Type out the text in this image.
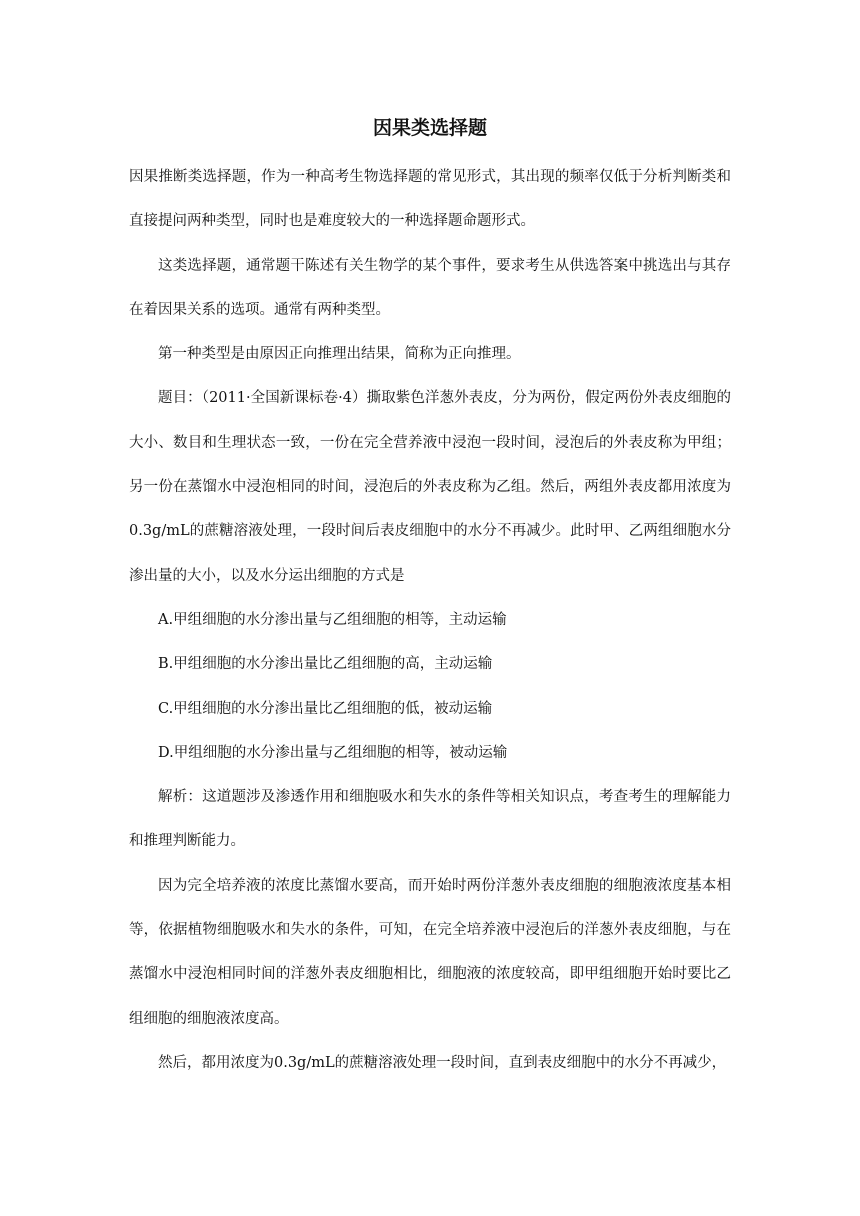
因果类选择题

因果推断类选择题，作为一种高考生物选择题的常见形式，其出现的频率仅低于分析判断类和直接提问两种类型，同时也是难度较大的一种选择题命题形式。

这类选择题，通常题干陈述有关生物学的某个事件，要求考生从供选答案中挑选出与其存在着因果关系的选项。通常有两种类型。

第一种类型是由原因正向推理出结果，简称为正向推理。

题目：（2011·全国新课标卷·4）撕取紫色洋葱外表皮，分为两份，假定两份外表皮细胞的大小、数目和生理状态一致，一份在完全营养液中浸泡一段时间，浸泡后的外表皮称为甲组；另一份在蒸馏水中浸泡相同的时间，浸泡后的外表皮称为乙组。然后，两组外表皮都用浓度为0.3g/mL的蔗糖溶液处理，一段时间后表皮细胞中的水分不再减少。此时甲、乙两组细胞水分渗出量的大小，以及水分运出细胞的方式是

A.甲组细胞的水分渗出量与乙组细胞的相等，主动运输

B.甲组细胞的水分渗出量比乙组细胞的高，主动运输

C.甲组细胞的水分渗出量比乙组细胞的低，被动运输

D.甲组细胞的水分渗出量与乙组细胞的相等，被动运输

解析：这道题涉及渗透作用和细胞吸水和失水的条件等相关知识点，考查考生的理解能力和推理判断能力。

因为完全培养液的浓度比蒸馏水要高，而开始时两份洋葱外表皮细胞的细胞液浓度基本相等，依据植物细胞吸水和失水的条件，可知，在完全培养液中浸泡后的洋葱外表皮细胞，与在蒸馏水中浸泡相同时间的洋葱外表皮细胞相比，细胞液的浓度较高，即甲组细胞开始时要比乙组细胞的细胞液浓度高。

然后，都用浓度为0.3g/mL的蔗糖溶液处理一段时间，直到表皮细胞中的水分不再减少，
